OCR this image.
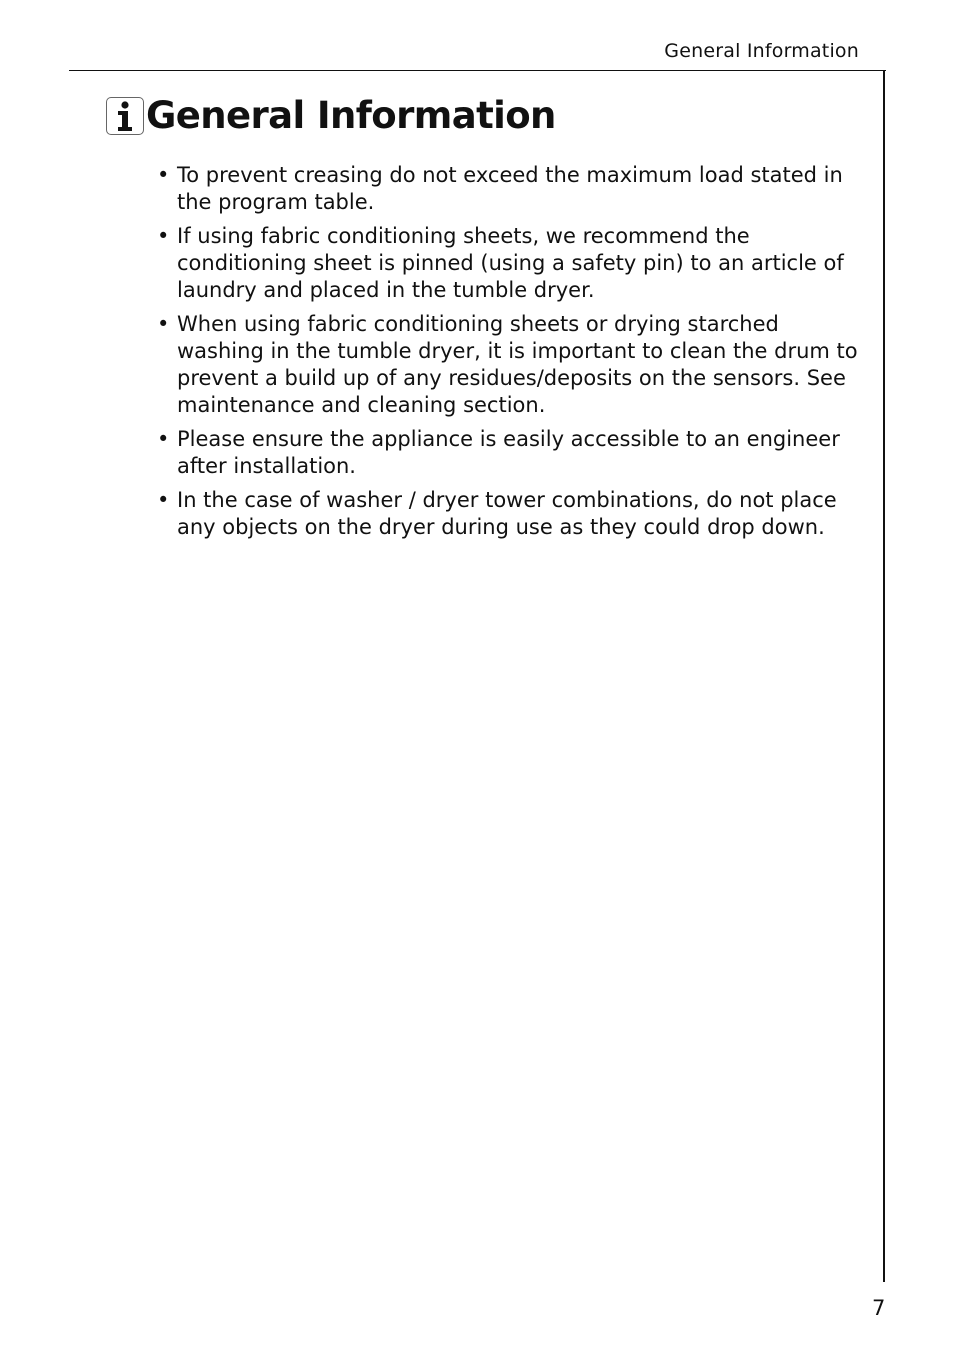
General Information
General Information
• To prevent creasing do not exceed the maximum load stated in the program table.
• If using fabric conditioning sheets, we recommend the conditioning sheet is pinned (using a safety pin) to an article of laundry and placed in the tumble dryer.
• When using fabric conditioning sheets or drying starched washing in the tumble dryer, it is important to clean the drum to prevent a build up of any residues/deposits on the sensors. See maintenance and cleaning section.
• Please ensure the appliance is easily accessible to an engineer after installation.
• In the case of washer / dryer tower combinations, do not place any objects on the dryer during use as they could drop down.
7
